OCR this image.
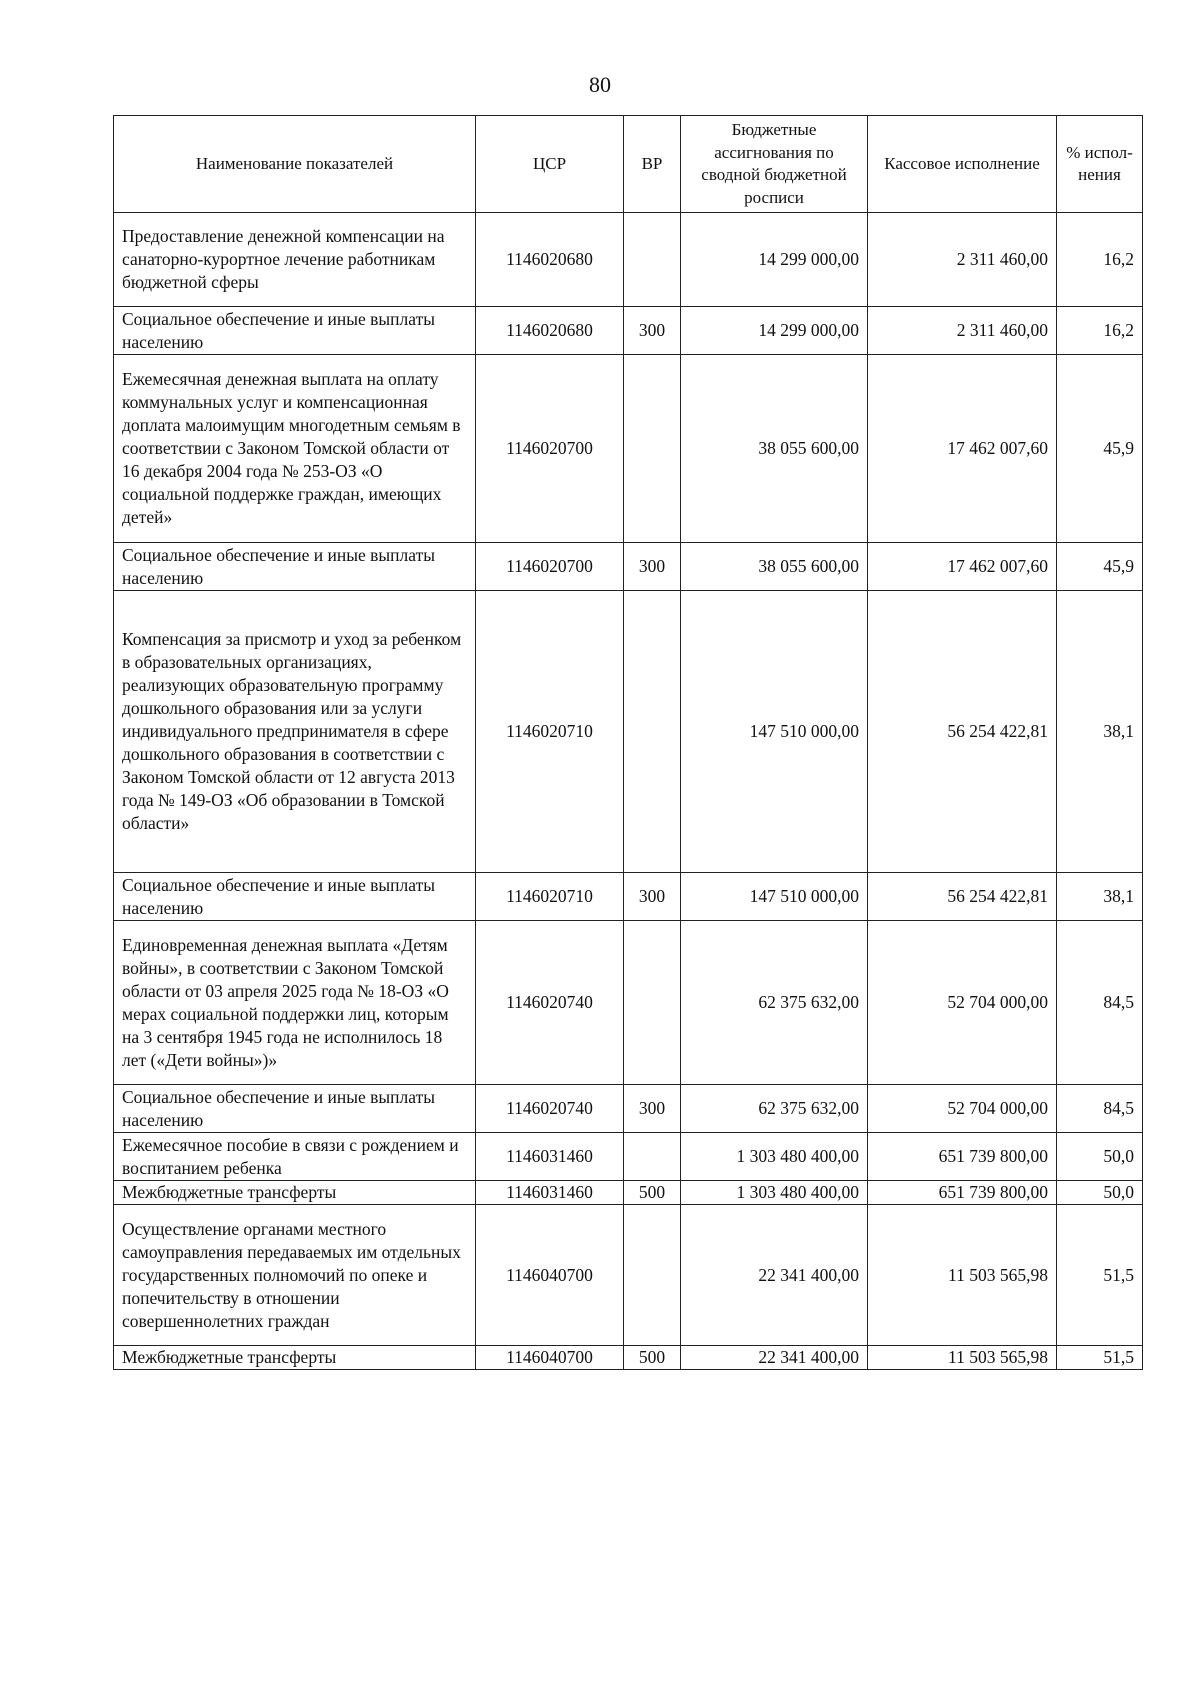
80
Наименование показателей	ЦСР	ВР	Бюджетные ассигнования по сводной бюджетной росписи	Кассовое исполнение	% испол-нения
Предоставление денежной компенсации на санаторно-курортное лечение работникам бюджетной сферы	1146020680		14 299 000,00	2 311 460,00	16,2
Социальное обеспечение и иные выплаты населению	1146020680	300	14 299 000,00	2 311 460,00	16,2
Ежемесячная денежная выплата на оплату коммунальных услуг и компенсационная доплата малоимущим многодетным семьям в соответствии с Законом Томской области от 16 декабря 2004 года № 253-ОЗ «О социальной поддержке граждан, имеющих детей»	1146020700		38 055 600,00	17 462 007,60	45,9
Социальное обеспечение и иные выплаты населению	1146020700	300	38 055 600,00	17 462 007,60	45,9
Компенсация за присмотр и уход за ребенком в образовательных организациях, реализующих образовательную программу дошкольного образования или за услуги индивидуального предпринимателя в сфере дошкольного образования в соответствии с Законом Томской области от 12 августа 2013 года № 149-ОЗ «Об образовании в Томской области»	1146020710		147 510 000,00	56 254 422,81	38,1
Социальное обеспечение и иные выплаты населению	1146020710	300	147 510 000,00	56 254 422,81	38,1
Единовременная денежная выплата «Детям войны», в соответствии с Законом Томской области от 03 апреля 2025 года № 18-ОЗ «О мерах социальной поддержки лиц, которым на 3 сентября 1945 года не исполнилось 18 лет («Дети войны»)»	1146020740		62 375 632,00	52 704 000,00	84,5
Социальное обеспечение и иные выплаты населению	1146020740	300	62 375 632,00	52 704 000,00	84,5
Ежемесячное пособие в связи с рождением и воспитанием ребенка	1146031460		1 303 480 400,00	651 739 800,00	50,0
Межбюджетные трансферты	1146031460	500	1 303 480 400,00	651 739 800,00	50,0
Осуществление органами местного самоуправления передаваемых им отдельных государственных полномочий по опеке и попечительству в отношении совершеннолетних граждан	1146040700		22 341 400,00	11 503 565,98	51,5
Межбюджетные трансферты	1146040700	500	22 341 400,00	11 503 565,98	51,5
